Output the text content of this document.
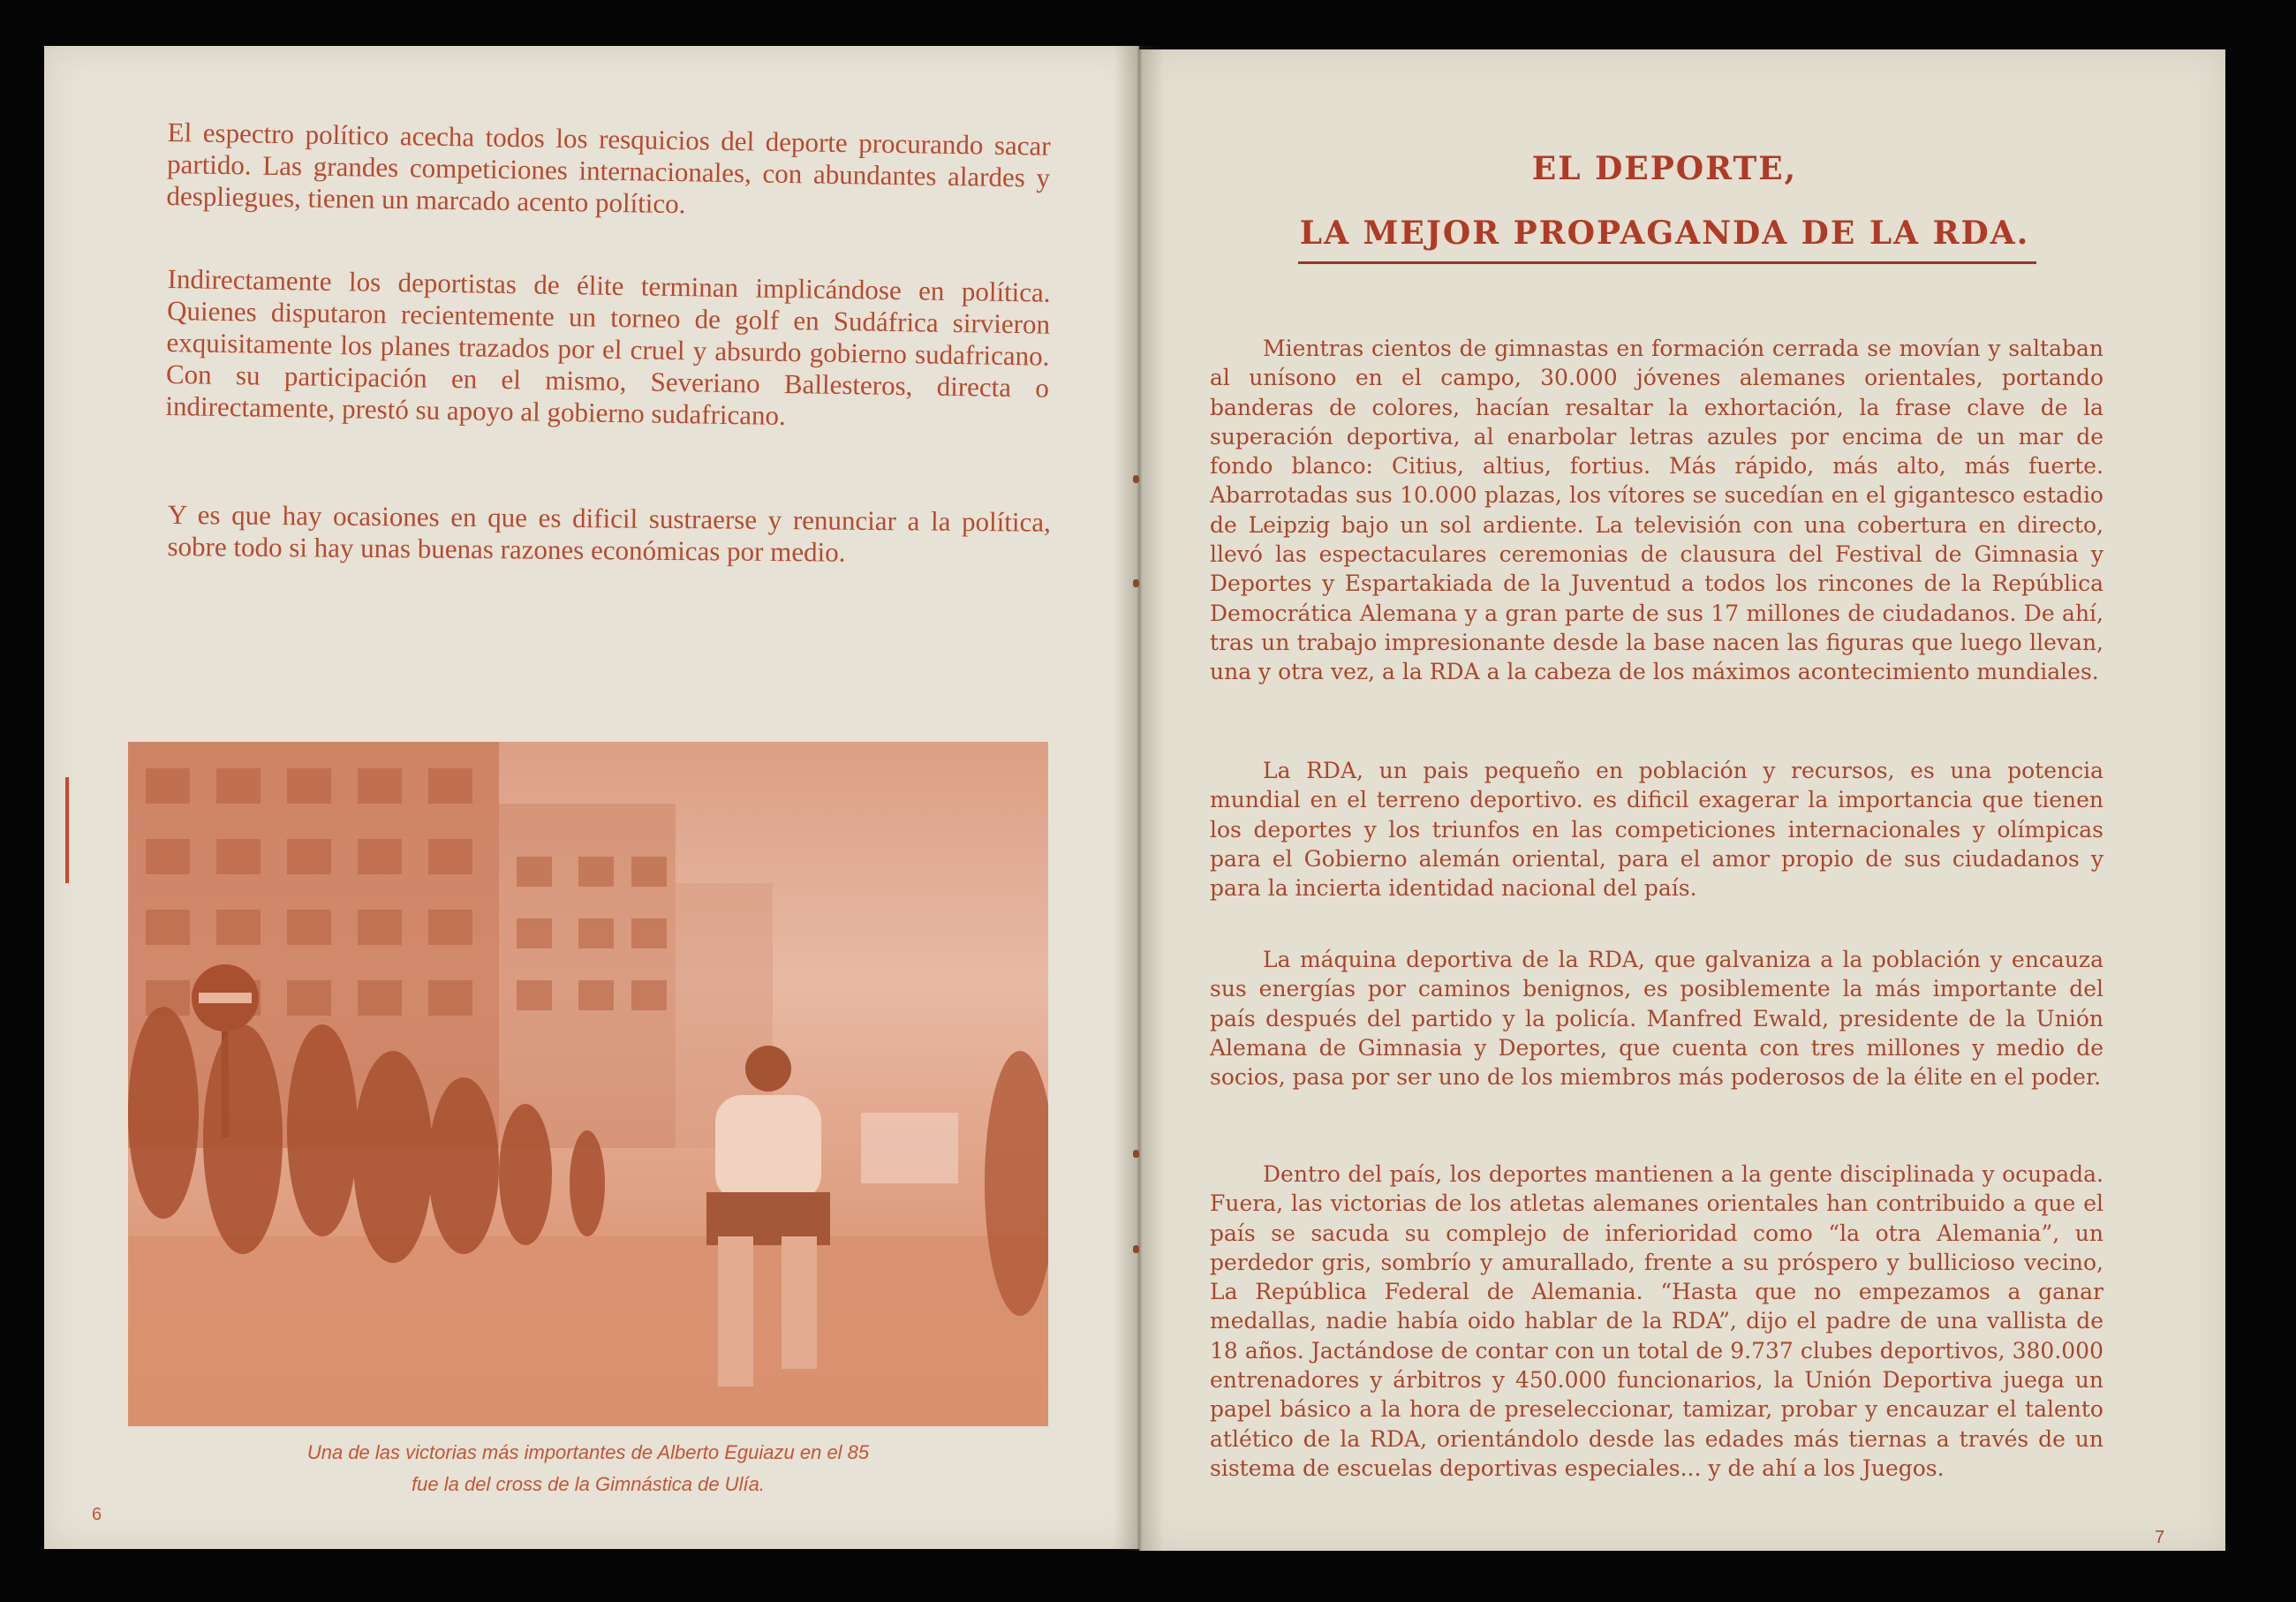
El espectro político acecha todos los resquicios del deporte procurando sacar partido. Las grandes competiciones internacionales, con abundantes alardes y despliegues, tienen un marcado acento político.

Indirectamente los deportistas de élite terminan implicándose en política. Quienes disputaron recientemente un torneo de golf en Sudáfrica sirvieron exquisitamente los planes trazados por el cruel y absurdo gobierno sudafricano. Con su participación en el mismo, Severiano Ballesteros, directa o indirectamente, prestó su apoyo al gobierno sudafricano.

Y es que hay ocasiones en que es dificil sustraerse y renunciar a la política, sobre todo si hay unas buenas razones económicas por medio.

Una de las victorias más importantes de Alberto Eguiazu en el 85

fue la del cross de la Gimnástica de Ulía.

6

EL DEPORTE,
LA MEJOR PROPAGANDA DE LA RDA.

Mientras cientos de gimnastas en formación cerrada se movían y saltaban al unísono en el campo, 30.000 jóvenes alemanes orientales, portando banderas de colores, hacían resaltar la exhortación, la frase clave de la superación deportiva, al enarbolar letras azules por encima de un mar de fondo blanco: Citius, altius, fortius. Más rápido, más alto, más fuerte. Abarrotadas sus 10.000 plazas, los vítores se sucedían en el gigantesco estadio de Leipzig bajo un sol ardiente. La televisión con una cobertura en directo, llevó las espectaculares ceremonias de clausura del Festival de Gimnasia y Deportes y Espartakiada de la Juventud a todos los rincones de la República Democrática Alemana y a gran parte de sus 17 millones de ciudadanos. De ahí, tras un trabajo impresionante desde la base nacen las figuras que luego llevan, una y otra vez, a la RDA a la cabeza de los máximos acontecimiento mundiales.

La RDA, un pais pequeño en población y recursos, es una potencia mundial en el terreno deportivo. es dificil exagerar la importancia que tienen los deportes y los triunfos en las competiciones internacionales y olímpicas para el Gobierno alemán oriental, para el amor propio de sus ciudadanos y para la incierta identidad nacional del país.

La máquina deportiva de la RDA, que galvaniza a la población y encauza sus energías por caminos benignos, es posiblemente la más importante del país después del partido y la policía. Manfred Ewald, presidente de la Unión Alemana de Gimnasia y Deportes, que cuenta con tres millones y medio de socios, pasa por ser uno de los miembros más poderosos de la élite en el poder.

Dentro del país, los deportes mantienen a la gente disciplinada y ocupada. Fuera, las victorias de los atletas alemanes orientales han contribuido a que el país se sacuda su complejo de inferioridad como “la otra Alemania”, un perdedor gris, sombrío y amurallado, frente a su próspero y bullicioso vecino, La República Federal de Alemania. “Hasta que no empezamos a ganar medallas, nadie había oido hablar de la RDA”, dijo el padre de una vallista de 18 años. Jactándose de contar con un total de 9.737 clubes deportivos, 380.000 entrenadores y árbitros y 450.000 funcionarios, la Unión Deportiva juega un papel básico a la hora de preseleccionar, tamizar, probar y encauzar el talento atlético de la RDA, orientándolo desde las edades más tiernas a través de un sistema de escuelas deportivas especiales... y de ahí a los Juegos.

7
